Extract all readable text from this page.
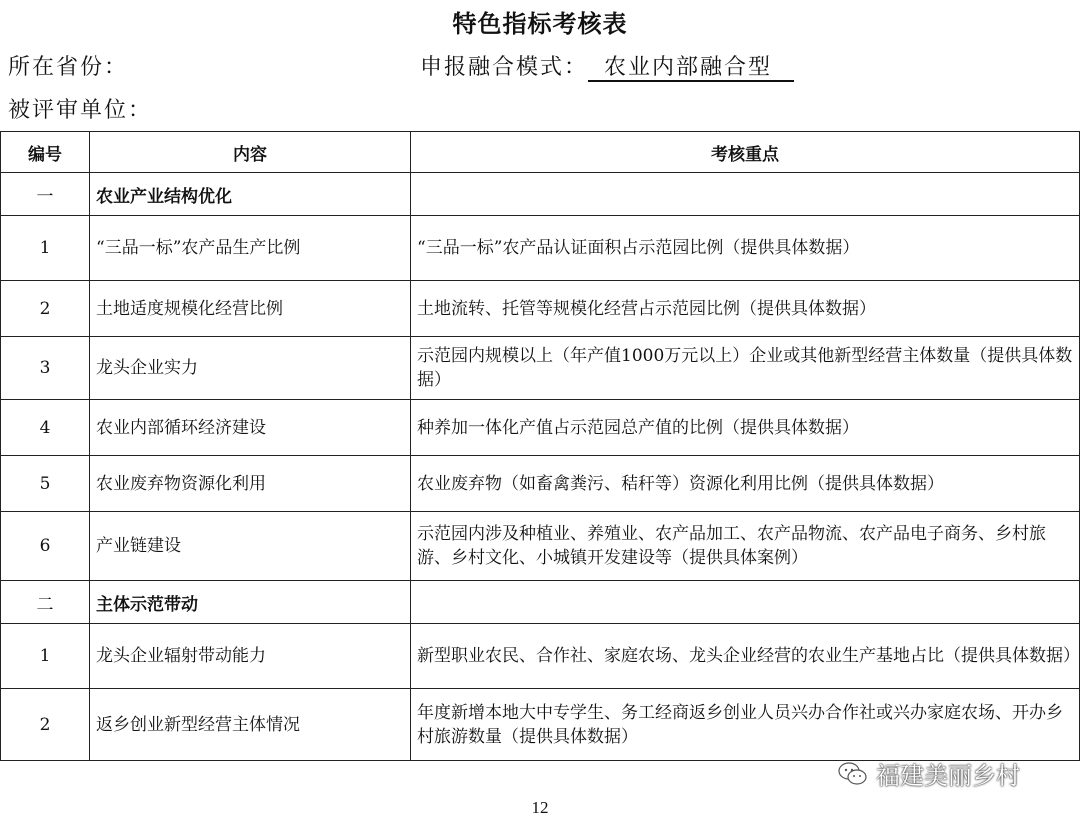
特色指标考核表
所在省份：	申报融合模式： 农业内部融合型
被评审单位：
编号	内容	考核重点
一	农业产业结构优化	
1	“三品一标”农产品生产比例	“三品一标”农产品认证面积占示范园比例（提供具体数据）
2	土地适度规模化经营比例	土地流转、托管等规模化经营占示范园比例（提供具体数据）
3	龙头企业实力	示范园内规模以上（年产值1000万元以上）企业或其他新型经营主体数量（提供具体数据）
4	农业内部循环经济建设	种养加一体化产值占示范园总产值的比例（提供具体数据）
5	农业废弃物资源化利用	农业废弃物（如畜禽粪污、秸秆等）资源化利用比例（提供具体数据）
6	产业链建设	示范园内涉及种植业、养殖业、农产品加工、农产品物流、农产品电子商务、乡村旅游、乡村文化、小城镇开发建设等（提供具体案例）
二	主体示范带动	
1	龙头企业辐射带动能力	新型职业农民、合作社、家庭农场、龙头企业经营的农业生产基地占比（提供具体数据）
2	返乡创业新型经营主体情况	年度新增本地大中专学生、务工经商返乡创业人员兴办合作社或兴办家庭农场、开办乡村旅游数量（提供具体数据）
福建美丽乡村
12
